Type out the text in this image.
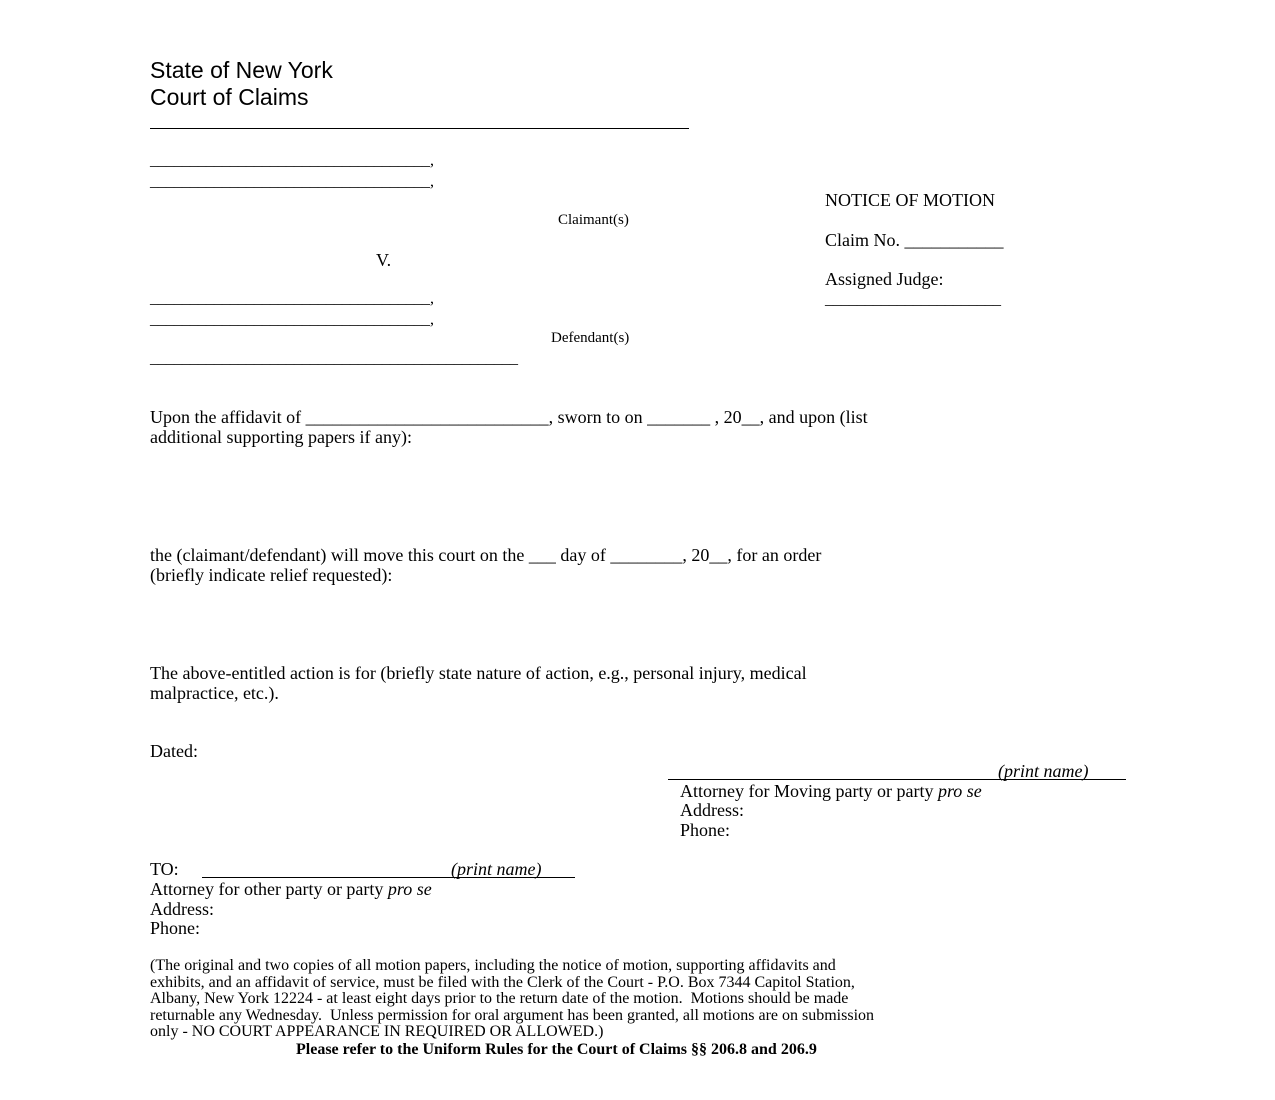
State of New York
Court of Claims
___________________________________,
___________________________________,
Claimant(s)
V.
___________________________________,
___________________________________,
Defendant(s)
______________________________________________
NOTICE OF MOTION
Claim No. ___________
Assigned Judge:
______________________
Upon the affidavit of ___________________________, sworn to on _______ , 20__, and upon (list
additional supporting papers if any):
the (claimant/defendant) will move this court on the ___ day of ________, 20__, for an order
(briefly indicate relief requested):
The above-entitled action is for (briefly state nature of action, e.g., personal injury, medical
malpractice, etc.).
Dated:
(print name)
Attorney for Moving party or party pro se
Address:
Phone:
TO:	(print name)
Attorney for other party or party pro se
Address:
Phone:
(The original and two copies of all motion papers, including the notice of motion, supporting affidavits and
exhibits, and an affidavit of service, must be filed with the Clerk of the Court - P.O. Box 7344 Capitol Station,
Albany, New York 12224 - at least eight days prior to the return date of the motion.  Motions should be made
returnable any Wednesday.  Unless permission for oral argument has been granted, all motions are on submission
only - NO COURT APPEARANCE IN REQUIRED OR ALLOWED.)
Please refer to the Uniform Rules for the Court of Claims §§ 206.8 and 206.9
